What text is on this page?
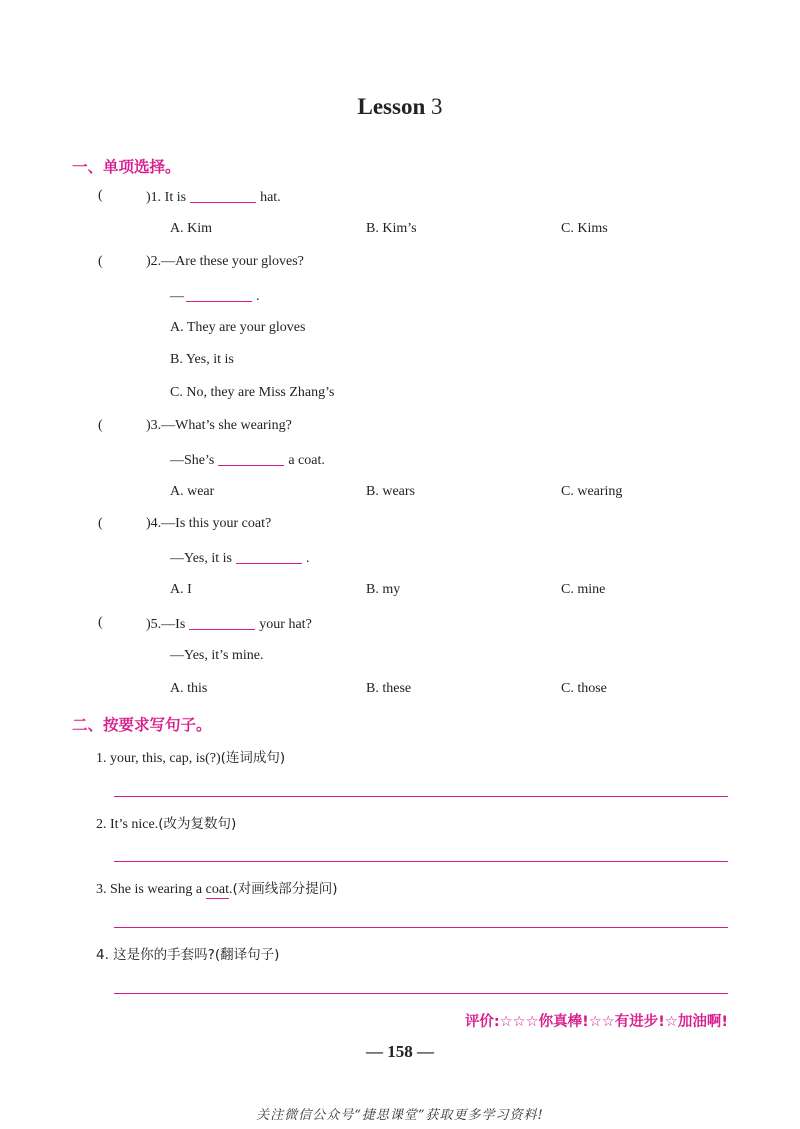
Lesson 3
一、单项选择。
(	)1. It is	hat.
A. Kim	B. Kim’s	C. Kims
(	)2.—Are these your gloves?
—	.
A. They are your gloves
B. Yes, it is
C. No, they are Miss Zhang’s
(	)3.—What’s she wearing?
—She’s	a coat.
A. wear	B. wears	C. wearing
(	)4.—Is this your coat?
—Yes, it is	.
A. I	B. my	C. mine
(	)5.—Is	your hat?
—Yes, it’s mine.
A. this	B. these	C. those
二、按要求写句子。
1. your, this, cap, is(?)(连词成句)
2. It’s nice.(改为复数句)
3. She is wearing a coat.(对画线部分提问)
4. 这是你的手套吗?(翻译句子)
评价:☆☆☆你真棒!☆☆有进步!☆加油啊!
— 158 —
关注微信公众号“捷思课堂”获取更多学习资料!
